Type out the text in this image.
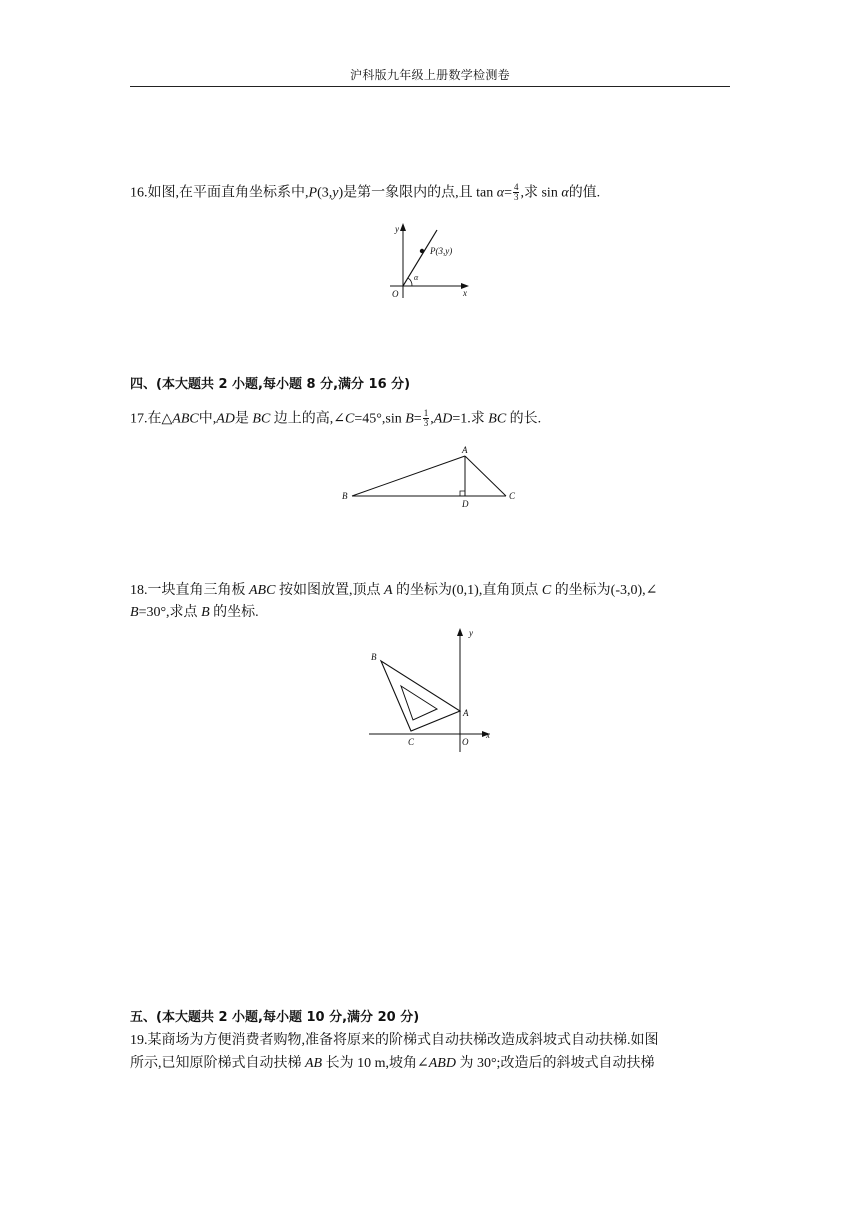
沪科版九年级上册数学检测卷
16.如图,在平面直角坐标系中,P(3,y)是第一象限内的点,且 $\tan \alpha= \frac{4}{3}$ ,求 sin α的值.
y
x
O
α
P(3,y)
四、(本大题共 2 小题,每小题 8 分,满分 16 分)
17.在△ABC中,AD是 BC 边上的高,∠C=45°,sin $B= \frac{1}{3} ,AD=1$.求 BC 的长.
A
B	C
D
18.一块直角三角板 ABC 按如图放置,顶点 A 的坐标为(0,1),直角顶点 C 的坐标为(-3,0),∠
B=30°,求点 B 的坐标.
y
x
O
A
B
C
五、(本大题共 2 小题,每小题 10 分,满分 20 分)
19.某商场为方便消费者购物,准备将原来的阶梯式自动扶梯改造成斜坡式自动扶梯.如图
所示,已知原阶梯式自动扶梯 AB 长为 10 m,坡角∠ABD 为 30°;改造后的斜坡式自动扶梯
